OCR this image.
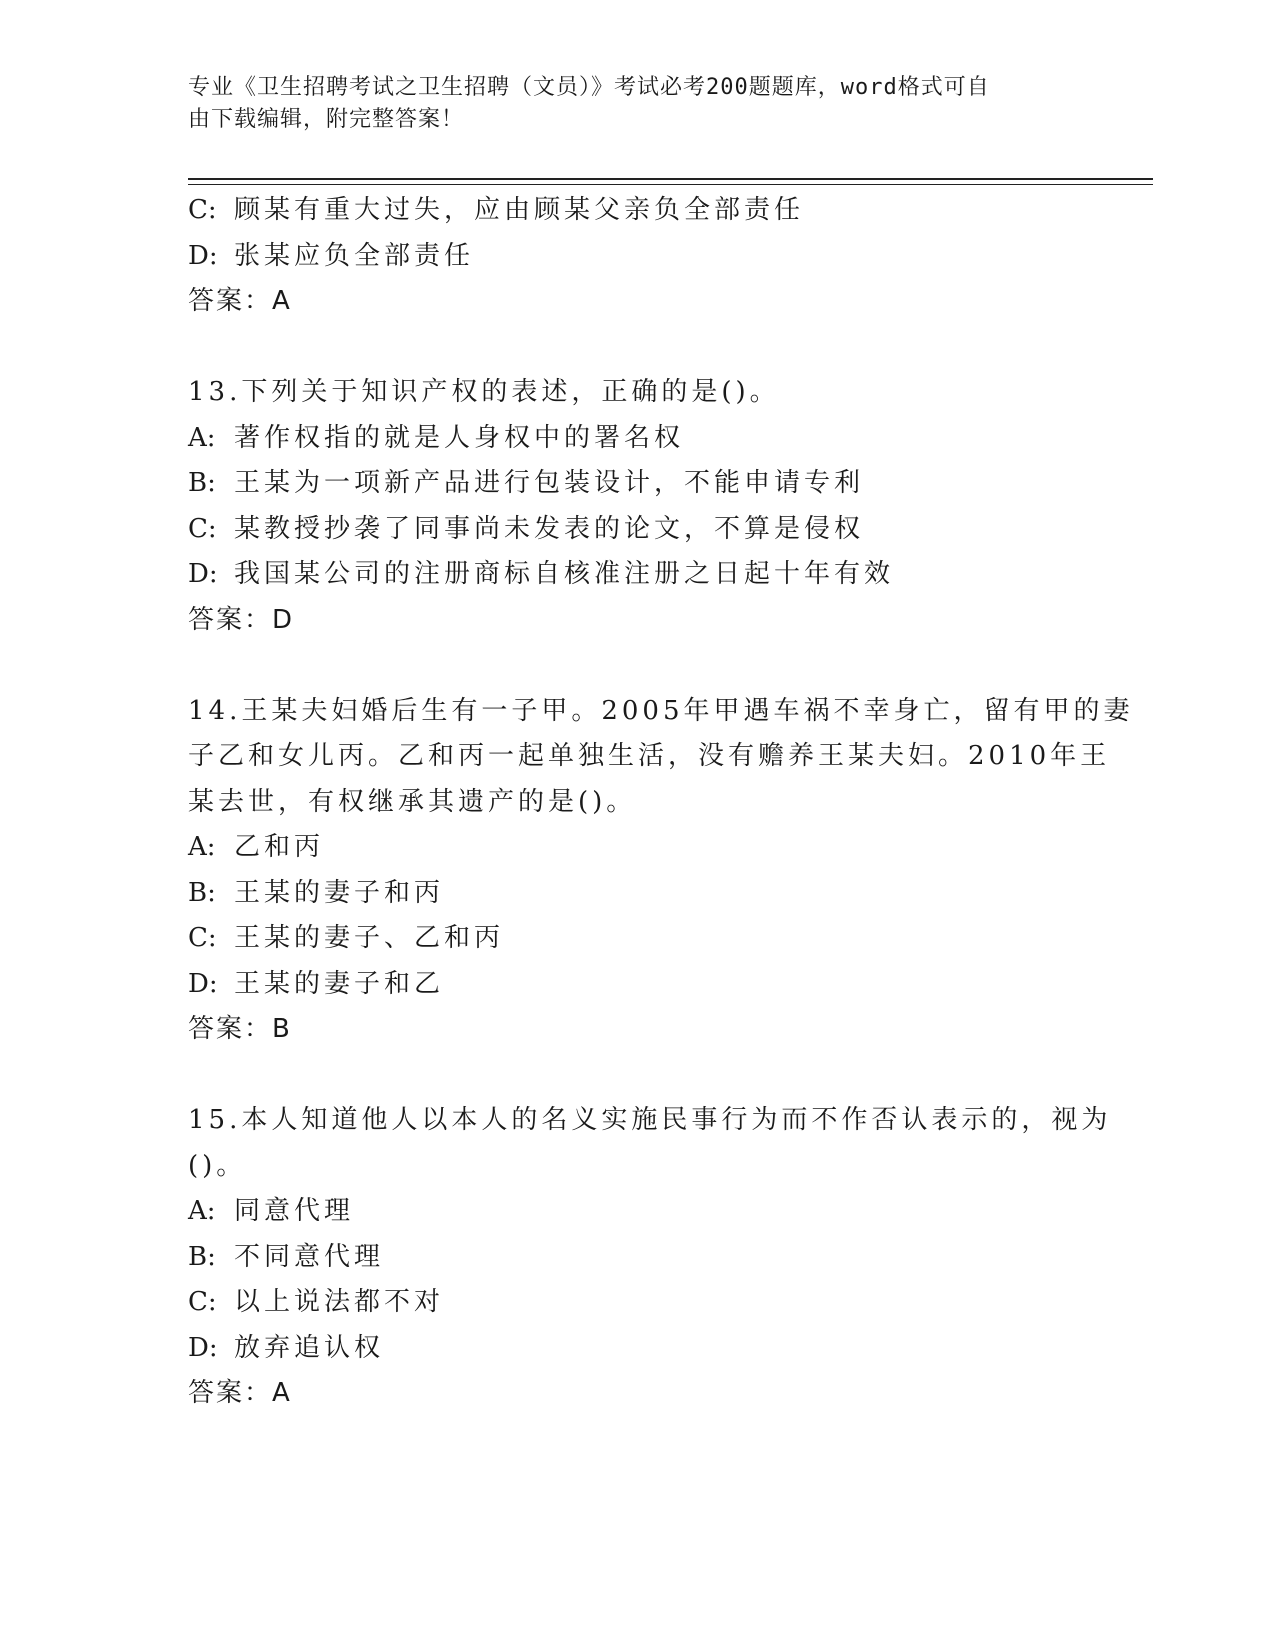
专业《卫生招聘考试之卫生招聘（文员）》考试必考200题题库，word格式可自
由下载编辑，附完整答案！
C: 顾某有重大过失，应由顾某父亲负全部责任
D: 张某应负全部责任
答案：A
13.下列关于知识产权的表述，正确的是()。
A: 著作权指的就是人身权中的署名权
B: 王某为一项新产品进行包装设计，不能申请专利
C: 某教授抄袭了同事尚未发表的论文，不算是侵权
D: 我国某公司的注册商标自核准注册之日起十年有效
答案：D
14.王某夫妇婚后生有一子甲。2005年甲遇车祸不幸身亡，留有甲的妻
子乙和女儿丙。乙和丙一起单独生活，没有赡养王某夫妇。2010年王
某去世，有权继承其遗产的是()。
A: 乙和丙
B: 王某的妻子和丙
C: 王某的妻子、乙和丙
D: 王某的妻子和乙
答案：B
15.本人知道他人以本人的名义实施民事行为而不作否认表示的，视为
()。
A: 同意代理
B: 不同意代理
C: 以上说法都不对
D: 放弃追认权
答案：A
